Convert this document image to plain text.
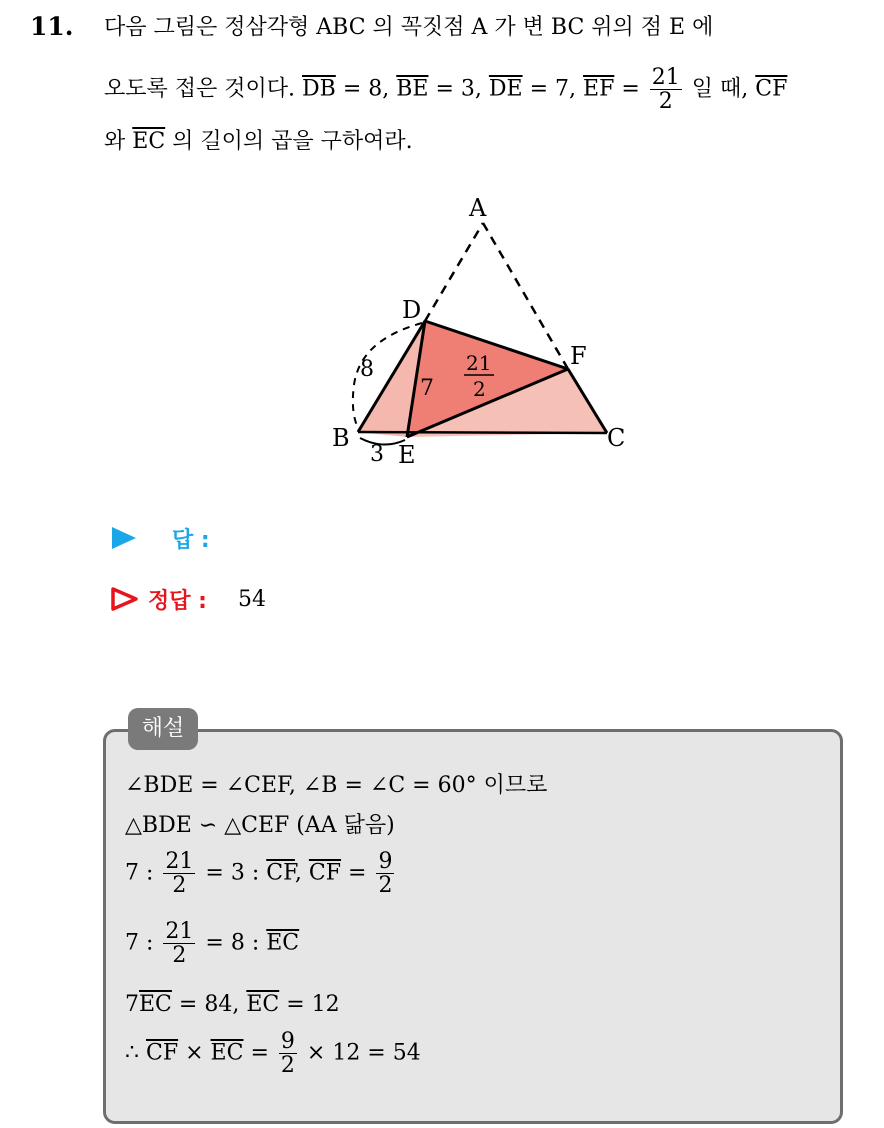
11. 다음 그림은 정삼각형 ABC 의 꼭짓점 A 가 변 BC 위의 점 E 에
오도록 접은 것이다. $\overline{DB} = 8$, $\overline{BE} = 3$, $\overline{DE} = 7$, $\overline{EF} = \frac{21}{2}$ 일 때, $\overline{CF}$
와 $\overline{EC}$ 의 길이의 곱을 구하여라.
A
B	C
D
E
F
8
7
3
21
2
답 :
정답 : 54
해설
∠BDE = ∠CEF, ∠B = ∠C = 60° 이므로
△BDE ∽ △CEF (AA 닮음)
7 : $\frac{21}{2} = 3$ : $\overline{CF}$, $\overline{CF} = \frac{9}{2}$
7 : $\frac{21}{2} = 8$ : $\overline{EC}$
$7\overline{EC} = 84$, $\overline{EC} = 12$
∴ $\overline{CF} \times \overline{EC} = \frac{9}{2} \times 12 = 54$
